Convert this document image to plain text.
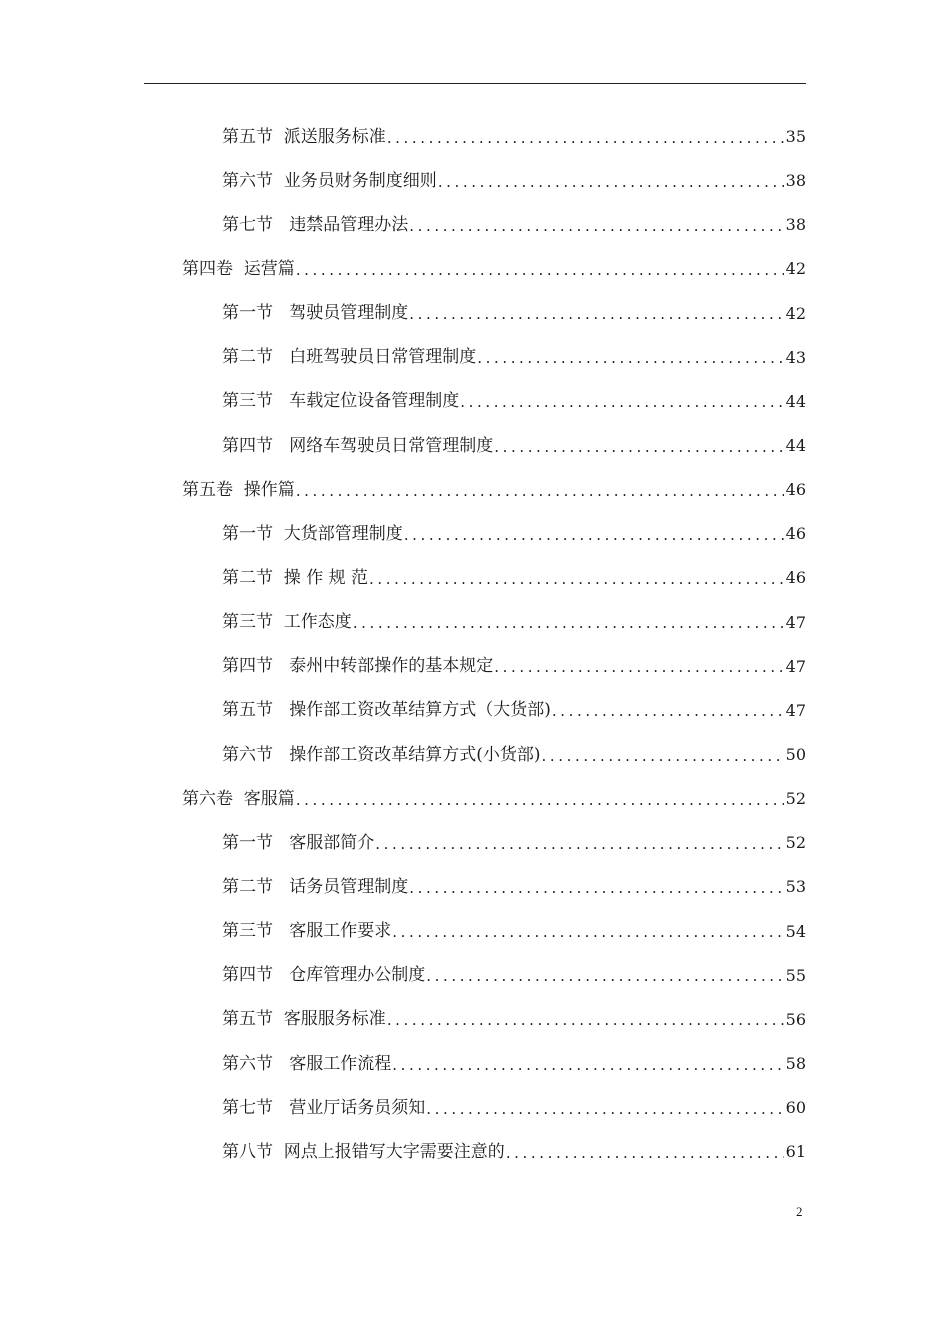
第五节  派送服务标准 .....	35
第六节  业务员财务制度细则 .....	38
第七节   违禁品管理办法 .....	38
第四卷  运营篇 .....	42
第一节   驾驶员管理制度 .....	42
第二节   白班驾驶员日常管理制度 .....	43
第三节   车载定位设备管理制度 .....	44
第四节   网络车驾驶员日常管理制度 .....	44
第五卷  操作篇 .....	46
第一节  大货部管理制度 .....	46
第二节  操 作 规 范 .....	46
第三节  工作态度 .....	47
第四节   泰州中转部操作的基本规定 .....	47
第五节   操作部工资改革结算方式（大货部) .....	47
第六节   操作部工资改革结算方式(小货部) .....	50
第六卷  客服篇 .....	52
第一节   客服部简介 .....	52
第二节   话务员管理制度 .....	53
第三节   客服工作要求 .....	54
第四节   仓库管理办公制度 .....	55
第五节  客服服务标准 .....	56
第六节   客服工作流程 .....	58
第七节   营业厅话务员须知 .....	60
第八节  网点上报错写大字需要注意的 .....	61
2
